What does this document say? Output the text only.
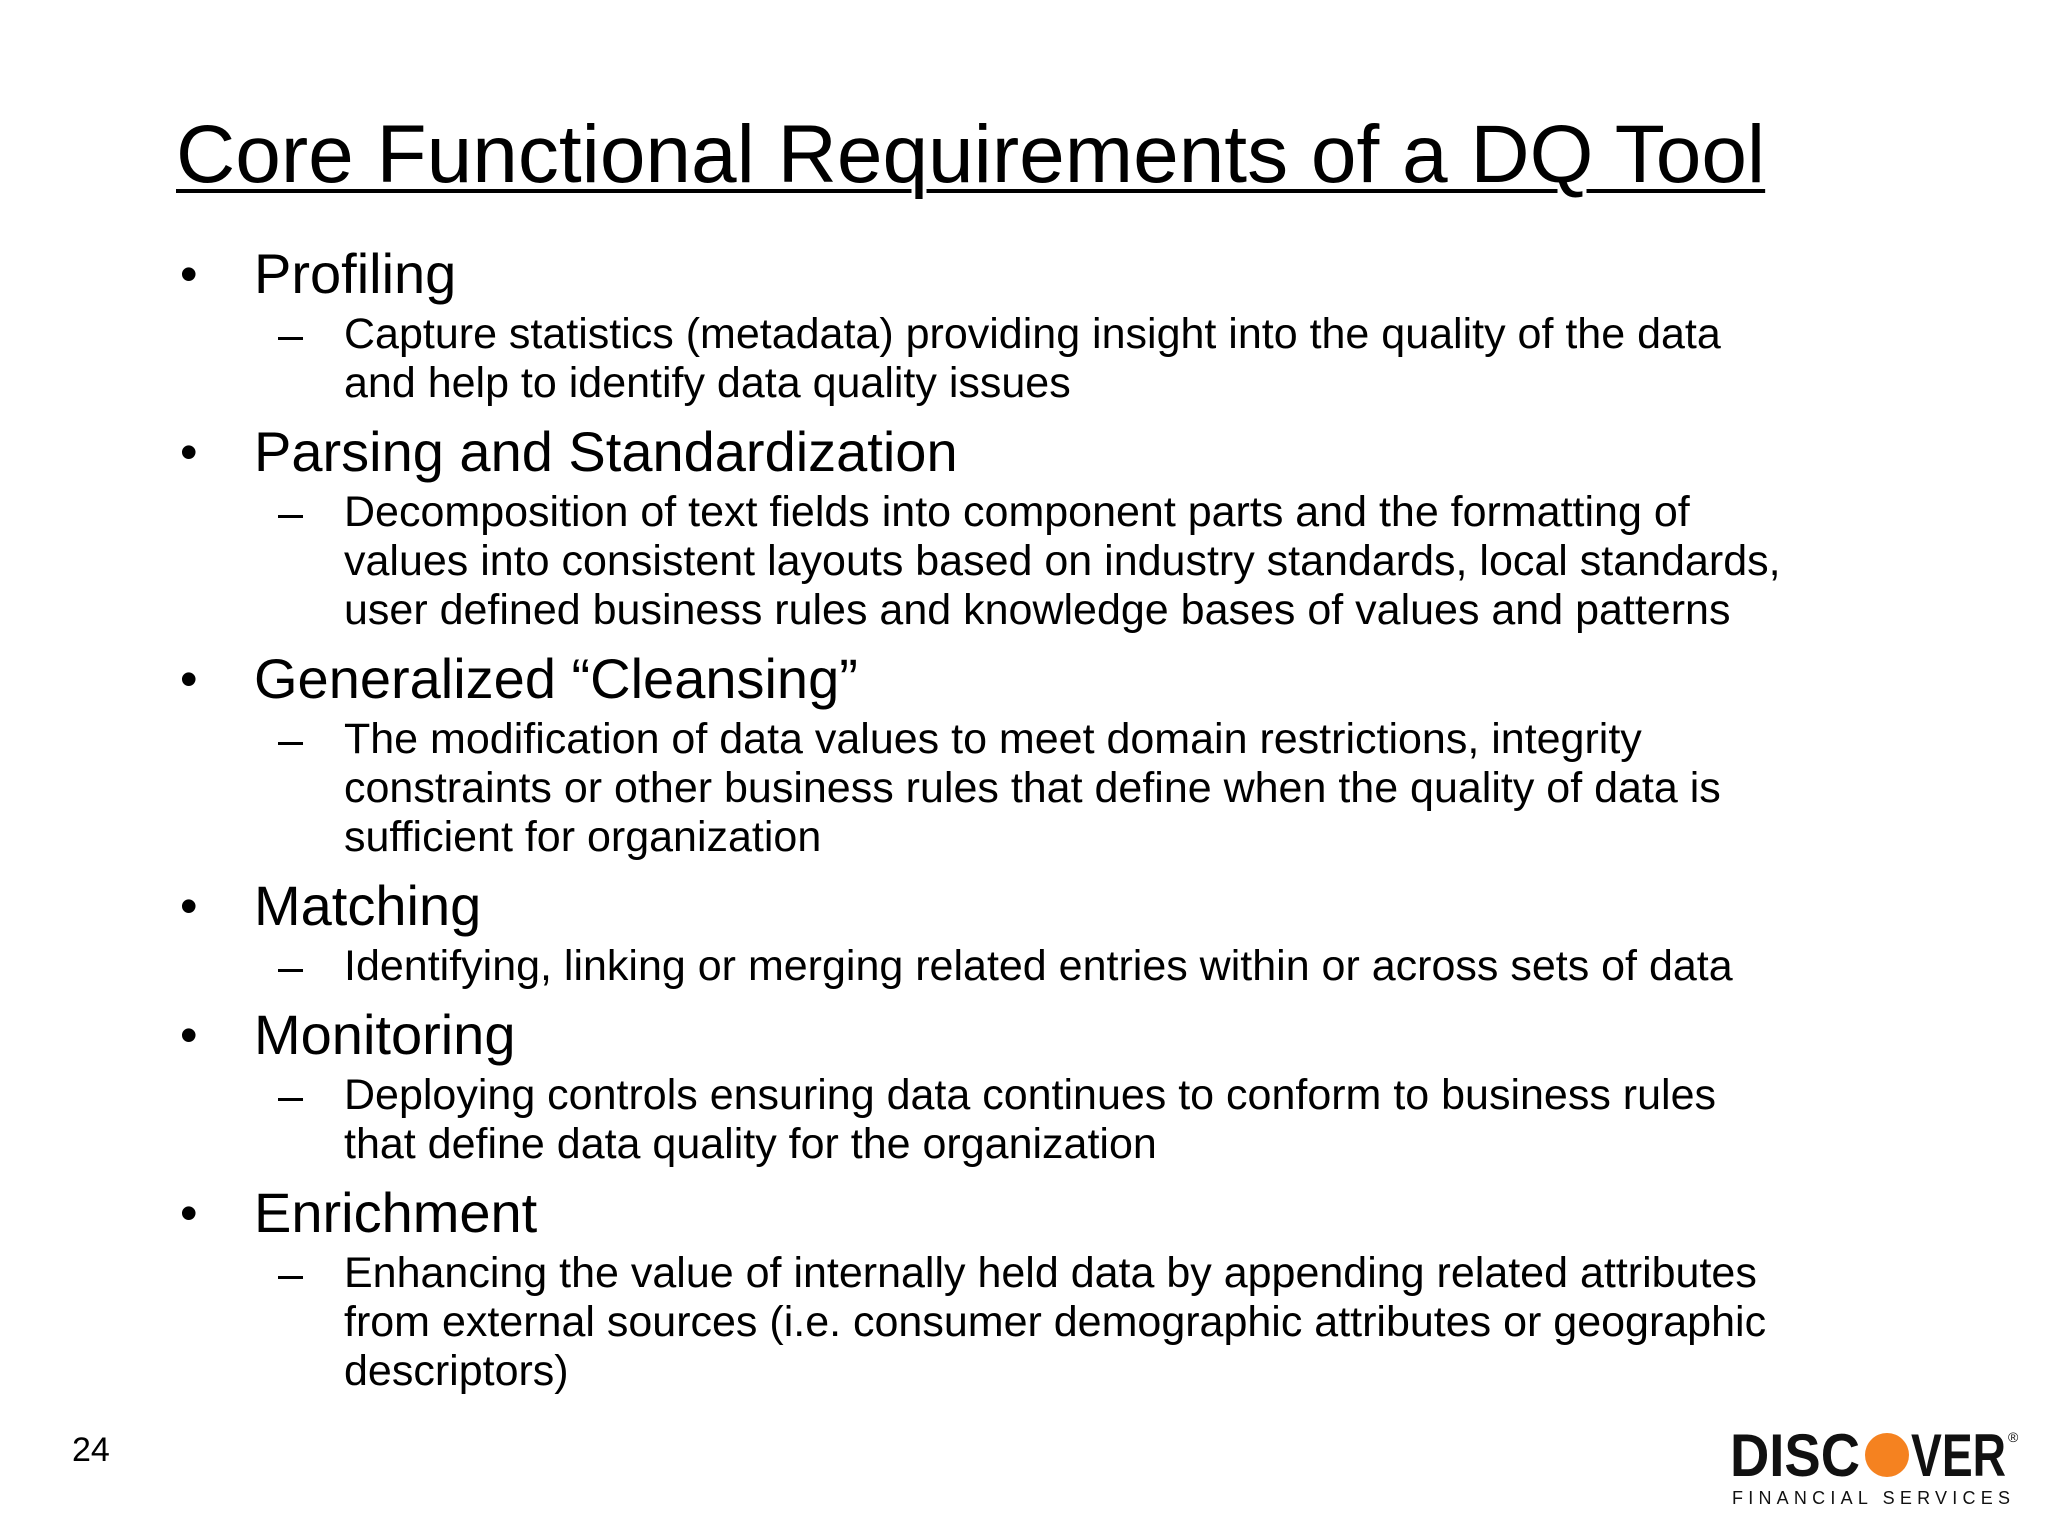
Core Functional Requirements of a DQ Tool
• Profiling
– Capture statistics (metadata) providing insight into the quality of the data
and help to identify data quality issues
• Parsing and Standardization
– Decomposition of text fields into component parts and the formatting of
values into consistent layouts based on industry standards, local standards,
user defined business rules and knowledge bases of values and patterns
• Generalized “Cleansing”
– The modification of data values to meet domain restrictions, integrity
constraints or other business rules that define when the quality of data is
sufficient for organization
• Matching
– Identifying, linking or merging related entries within or across sets of data
• Monitoring
– Deploying controls ensuring data continues to conform to business rules
that define data quality for the organization
• Enrichment
– Enhancing the value of internally held data by appending related attributes
from external sources (i.e. consumer demographic attributes or geographic
descriptors)
24	DISC VER ®
FINANCIAL SERVICES
